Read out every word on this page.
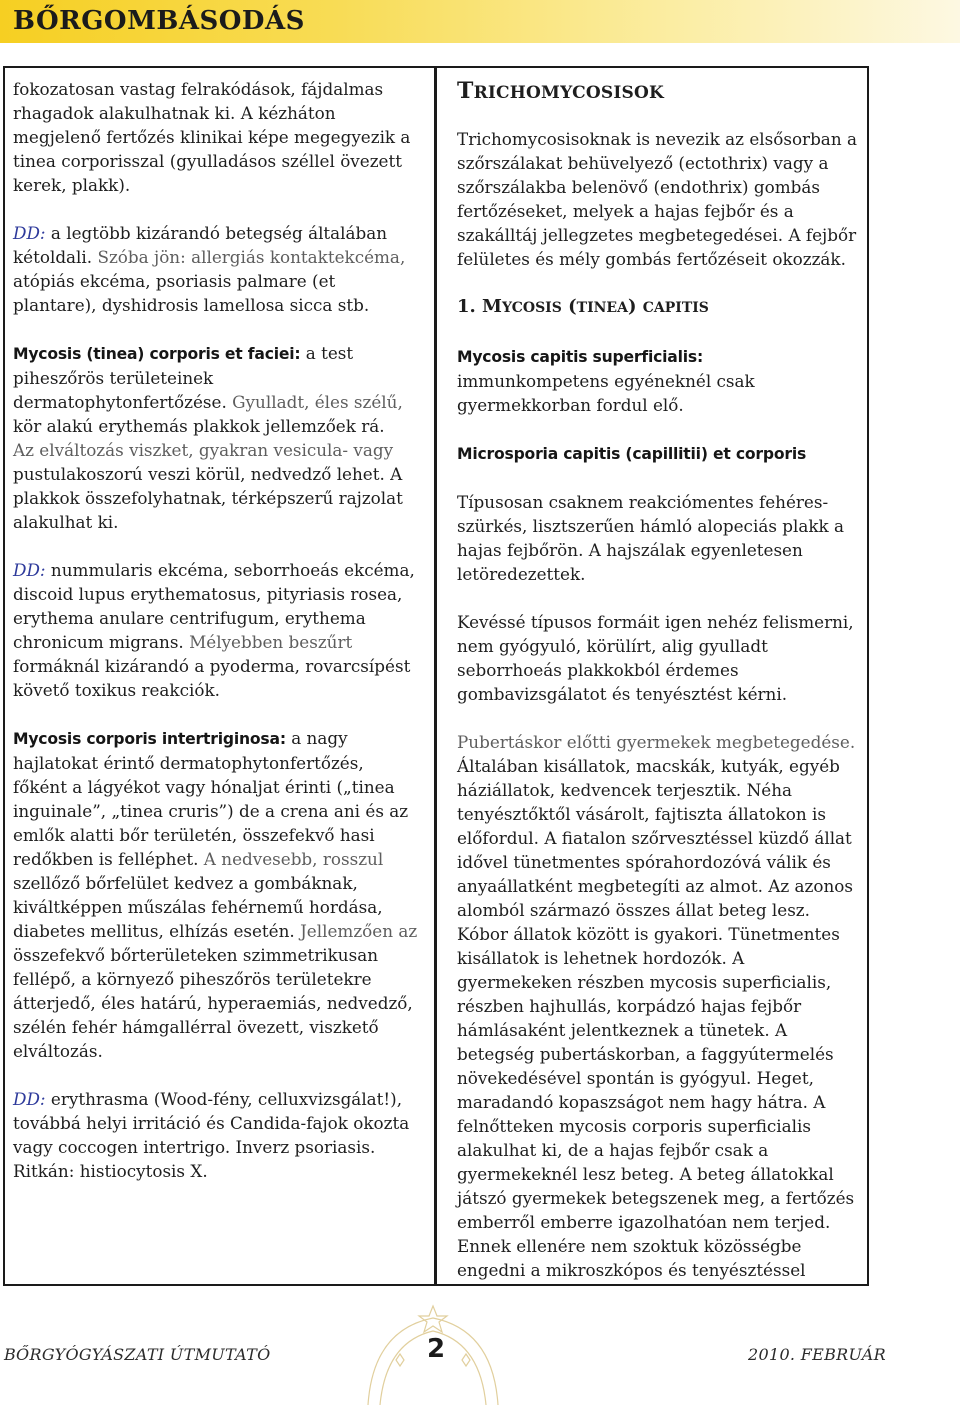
BŐRGOMBÁSODÁS

fokozatosan vastag felrakódások, fájdalmas
rhagadok alakulhatnak ki. A kézháton
megjelenő fertőzés klinikai képe megegyezik a
tinea corporisszal (gyulladásos széllel övezett
kerek, plakk).

DD: a legtöbb kizárandó betegség általában
kétoldali. Szóba jön: allergiás kontaktekcéma,
atópiás ekcéma, psoriasis palmare (et
plantare), dyshidrosis lamellosa sicca stb.

Mycosis (tinea) corporis et faciei: a test
piheszőrös területeinek
dermatophytonfertőzése. Gyulladt, éles szélű,
kör alakú erythemás plakkok jellemzőek rá.
Az elváltozás viszket, gyakran vesicula- vagy
pustulakoszorú veszi körül, nedvedző lehet. A
plakkok összefolyhatnak, térképszerű rajzolat
alakulhat ki.

DD: nummularis ekcéma, seborrhoeás ekcéma,
discoid lupus erythematosus, pityriasis rosea,
erythema anulare centrifugum, erythema
chronicum migrans. Mélyebben beszűrt
formáknál kizárandó a pyoderma, rovarcsípést
követő toxikus reakciók.

Mycosis corporis intertriginosa: a nagy
hajlatokat érintő dermatophytonfertőzés,
főként a lágyékot vagy hónaljat érinti („tinea
inguinale”, „tinea cruris”) de a crena ani és az
emlők alatti bőr területén, összefekvő hasi
redőkben is felléphet. A nedvesebb, rosszul
szellőző bőrfelület kedvez a gombáknak,
kiváltképpen műszálas fehérnemű hordása,
diabetes mellitus, elhízás esetén. Jellemzően az
összefekvő bőrterületeken szimmetrikusan
fellépő, a környező piheszőrös területekre
átterjedő, éles határú, hyperaemiás, nedvedző,
szélén fehér hámgallérral övezett, viszkető
elváltozás.

DD: erythrasma (Wood-fény, celluxvizsgálat!),
továbbá helyi irritáció és Candida-fajok okozta
vagy coccogen intertrigo. Inverz psoriasis.
Ritkán: histiocytosis X.

TRICHOMYCOSISOK

Trichomycosisoknak is nevezik az elsősorban a
szőrszálakat behüvelyező (ectothrix) vagy a
szőrszálakba belenövő (endothrix) gombás
fertőzéseket, melyek a hajas fejbőr és a
szakálltáj jellegzetes megbetegedései. A fejbőr
felületes és mély gombás fertőzéseit okozzák.

1. MYCOSIS (TINEA) CAPITIS

Mycosis capitis superficialis:
immunkompetens egyéneknél csak
gyermekkorban fordul elő.

Microsporia capitis (capillitii) et corporis

Típusosan csaknem reakciómentes fehéres-
szürkés, lisztszerűen hámló alopeciás plakk a
hajas fejbőrön. A hajszálak egyenletesen
letöredezettek.

Kevéssé típusos formáit igen nehéz felismerni,
nem gyógyuló, körülírt, alig gyulladt
seborrhoeás plakkokból érdemes
gombavizsgálatot és tenyésztést kérni.

Pubertáskor előtti gyermekek megbetegedése.
Általában kisállatok, macskák, kutyák, egyéb
háziállatok, kedvencek terjesztik. Néha
tenyésztőktől vásárolt, fajtiszta állatokon is
előfordul. A fiatalon szőrvesztéssel küzdő állat
idővel tünetmentes spórahordozóvá válik és
anyaállatként megbetegíti az almot. Az azonos
alomból származó összes állat beteg lesz.
Kóbor állatok között is gyakori. Tünetmentes
kisállatok is lehetnek hordozók. A
gyermekeken részben mycosis superficialis,
részben hajhullás, korpádzó hajas fejbőr
hámlásaként jelentkeznek a tünetek. A
betegség pubertáskorban, a faggyútermelés
növekedésével spontán is gyógyul. Heget,
maradandó kopaszságot nem hagy hátra. A
felnőtteken mycosis corporis superficialis
alakulhat ki, de a hajas fejbőr csak a
gyermekeknél lesz beteg. A beteg állatokkal
játszó gyermekek betegszenek meg, a fertőzés
emberről emberre igazolhatóan nem terjed.
Ennek ellenére nem szoktuk közösségbe
engedni a mikroszkópos és tenyésztéssel

BŐRGYÓGYÁSZATI ÚTMUTATÓ	2	2010. FEBRUÁR
